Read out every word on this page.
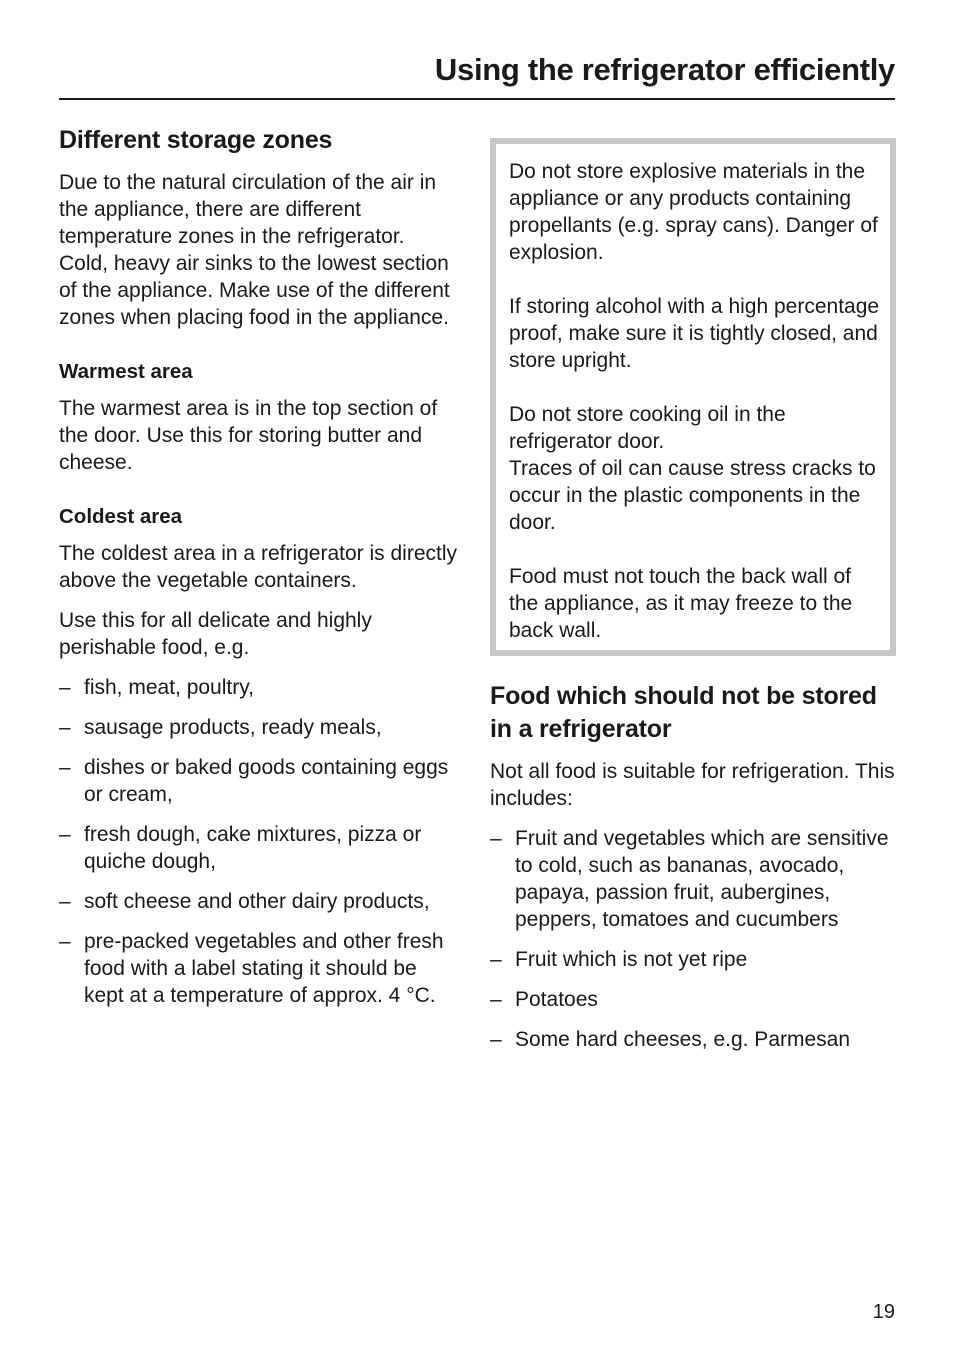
Using the refrigerator efficiently
Different storage zones

Due to the natural circulation of the air in the appliance, there are different temperature zones in the refrigerator. Cold, heavy air sinks to the lowest section of the appliance. Make use of the different zones when placing food in the appliance.

Warmest area

The warmest area is in the top section of the door. Use this for storing butter and cheese.

Coldest area

The coldest area in a refrigerator is directly above the vegetable containers.

Use this for all delicate and highly perishable food, e.g.

– fish, meat, poultry,
– sausage products, ready meals,
– dishes or baked goods containing eggs or cream,
– fresh dough, cake mixtures, pizza or quiche dough,
– soft cheese and other dairy products,
– pre-packed vegetables and other fresh food with a label stating it should be kept at a temperature of approx. 4 °C.

Do not store explosive materials in the appliance or any products containing propellants (e.g. spray cans). Danger of explosion.

If storing alcohol with a high percentage proof, make sure it is tightly closed, and store upright.

Do not store cooking oil in the refrigerator door.
Traces of oil can cause stress cracks to occur in the plastic components in the door.

Food must not touch the back wall of the appliance, as it may freeze to the back wall.

Food which should not be stored in a refrigerator

Not all food is suitable for refrigeration. This includes:

– Fruit and vegetables which are sensitive to cold, such as bananas, avocado, papaya, passion fruit, aubergines, peppers, tomatoes and cucumbers
– Fruit which is not yet ripe
– Potatoes
– Some hard cheeses, e.g. Parmesan
19
